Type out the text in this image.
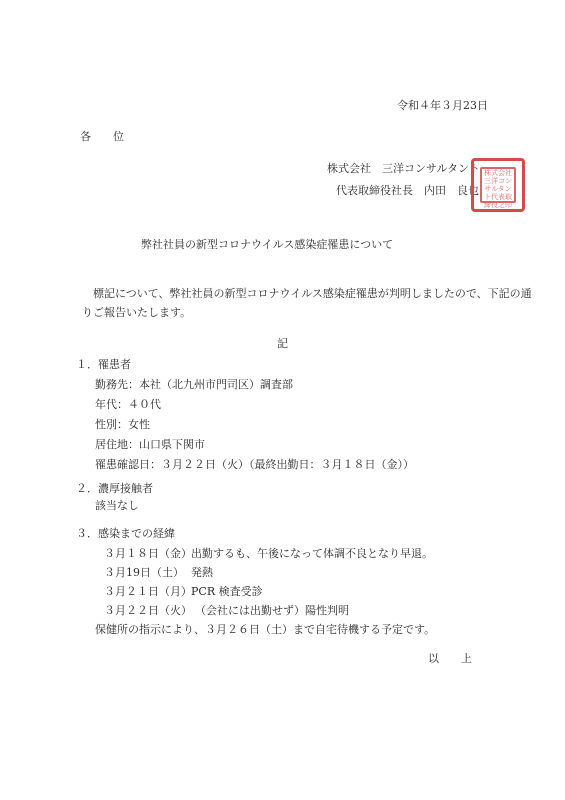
令和４年３月23日
各　　位
株式会社　三洋コンサルタント
代表取締役社長　内田　良也
株式会社三洋コンサルタント代表取締役之印
弊社社員の新型コロナウイルス感染症罹患について
標記について、弊社社員の新型コロナウイルス感染症罹患が判明しましたので、下記の通
りご報告いたします。
記
１．罹患者
勤務先：本社（北九州市門司区）調査部
年代：４０代
性別：女性
居住地：山口県下関市
罹患確認日：３月２２日（火）（最終出勤日：３月１８日（金））
２．濃厚接触者
該当なし
３．感染までの経緯
３月１８日（金） 出勤するも、午後になって体調不良となり早退。
３月19日（土） 発熱
３月２１日（月） PCR 検査受診
３月２２日（火） （会社には出勤せず）陽性判明
保健所の指示により、３月２６日（土）まで自宅待機する予定です。
以　　上
